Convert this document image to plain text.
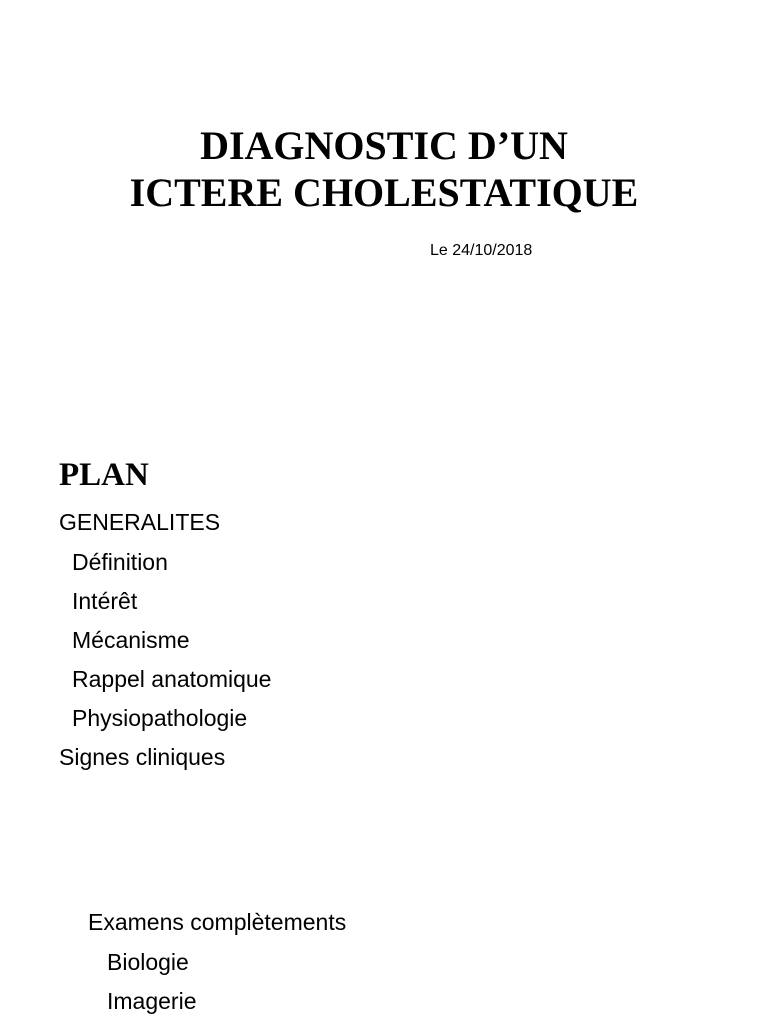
DIAGNOSTIC D’UN
ICTERE CHOLESTATIQUE
Le 24/10/2018
PLAN
GENERALITES
Définition
Intérêt
Mécanisme
Rappel anatomique
Physiopathologie
Signes cliniques
Examens complètements
Biologie
Imagerie
